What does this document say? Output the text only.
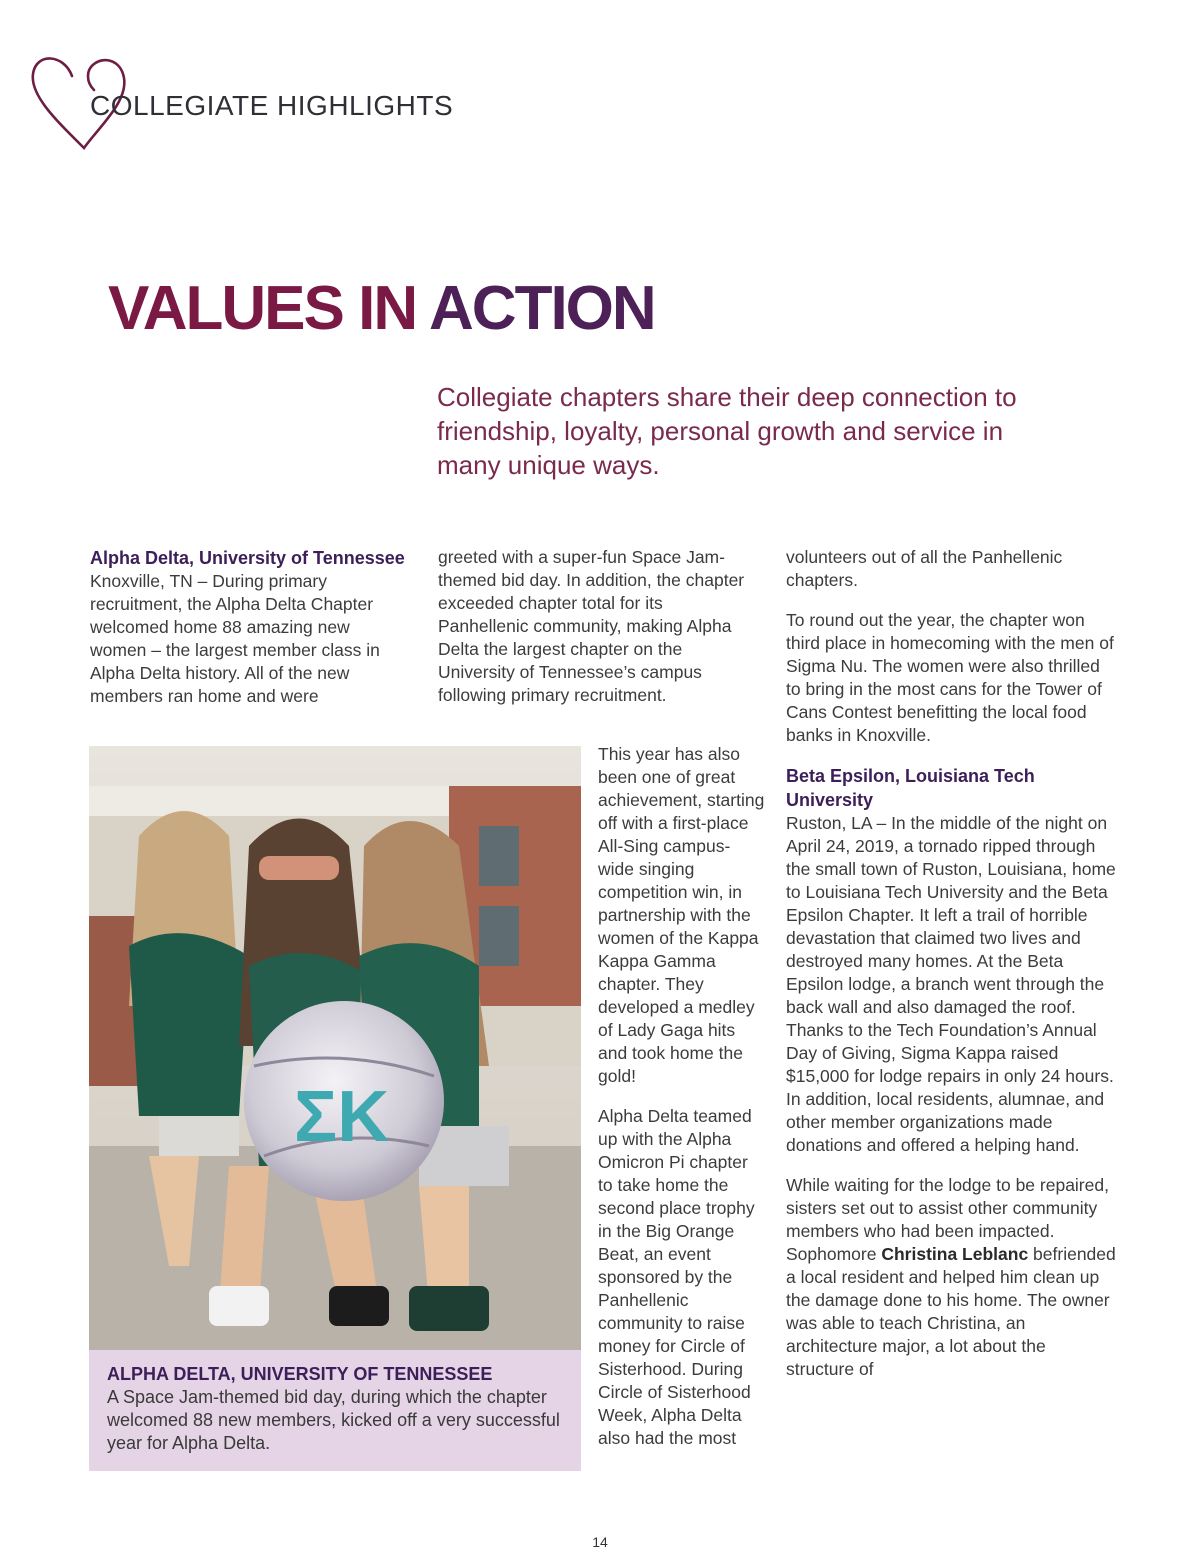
COLLEGIATE HIGHLIGHTS
VALUES IN ACTION

Collegiate chapters share their deep connection to friendship, loyalty, personal growth and service in many unique ways.

Alpha Delta, University of Tennessee

Knoxville, TN – During primary recruitment, the Alpha Delta Chapter welcomed home 88 amazing new women – the largest member class in Alpha Delta history. All of the new members ran home and were

greeted with a super-fun Space Jam-themed bid day. In addition, the chapter exceeded chapter total for its Panhellenic community, making Alpha Delta the largest chapter on the University of Tennessee’s campus following primary recruitment.

This year has also been one of great achievement, starting off with a first-place All-Sing campus-wide singing competition win, in partnership with the women of the Kappa Kappa Gamma chapter. They developed a medley of Lady Gaga hits and took home the gold!

Alpha Delta teamed up with the Alpha Omicron Pi chapter to take home the second place trophy in the Big Orange Beat, an event sponsored by the Panhellenic community to raise money for Circle of Sisterhood. During Circle of Sisterhood Week, Alpha Delta also had the most

volunteers out of all the Panhellenic chapters.

To round out the year, the chapter won third place in homecoming with the men of Sigma Nu. The women were also thrilled to bring in the most cans for the Tower of Cans Contest benefitting the local food banks in Knoxville.

Beta Epsilon, Louisiana Tech University

Ruston, LA – In the middle of the night on April 24, 2019, a tornado ripped through the small town of Ruston, Louisiana, home to Louisiana Tech University and the Beta Epsilon Chapter. It left a trail of horrible devastation that claimed two lives and destroyed many homes. At the Beta Epsilon lodge, a branch went through the back wall and also damaged the roof. Thanks to the Tech Foundation’s Annual Day of Giving, Sigma Kappa raised $15,000 for lodge repairs in only 24 hours. In addition, local residents, alumnae, and other member organizations made donations and offered a helping hand.

While waiting for the lodge to be repaired, sisters set out to assist other community members who had been impacted. Sophomore Christina Leblanc befriended a local resident and helped him clean up the damage done to his home. The owner was able to teach Christina, an architecture major, a lot about the structure of

ΣΚ
ALPHA DELTA, UNIVERSITY OF TENNESSEE

A Space Jam-themed bid day, during which the chapter welcomed 88 new members, kicked off a very successful year for Alpha Delta.

14
